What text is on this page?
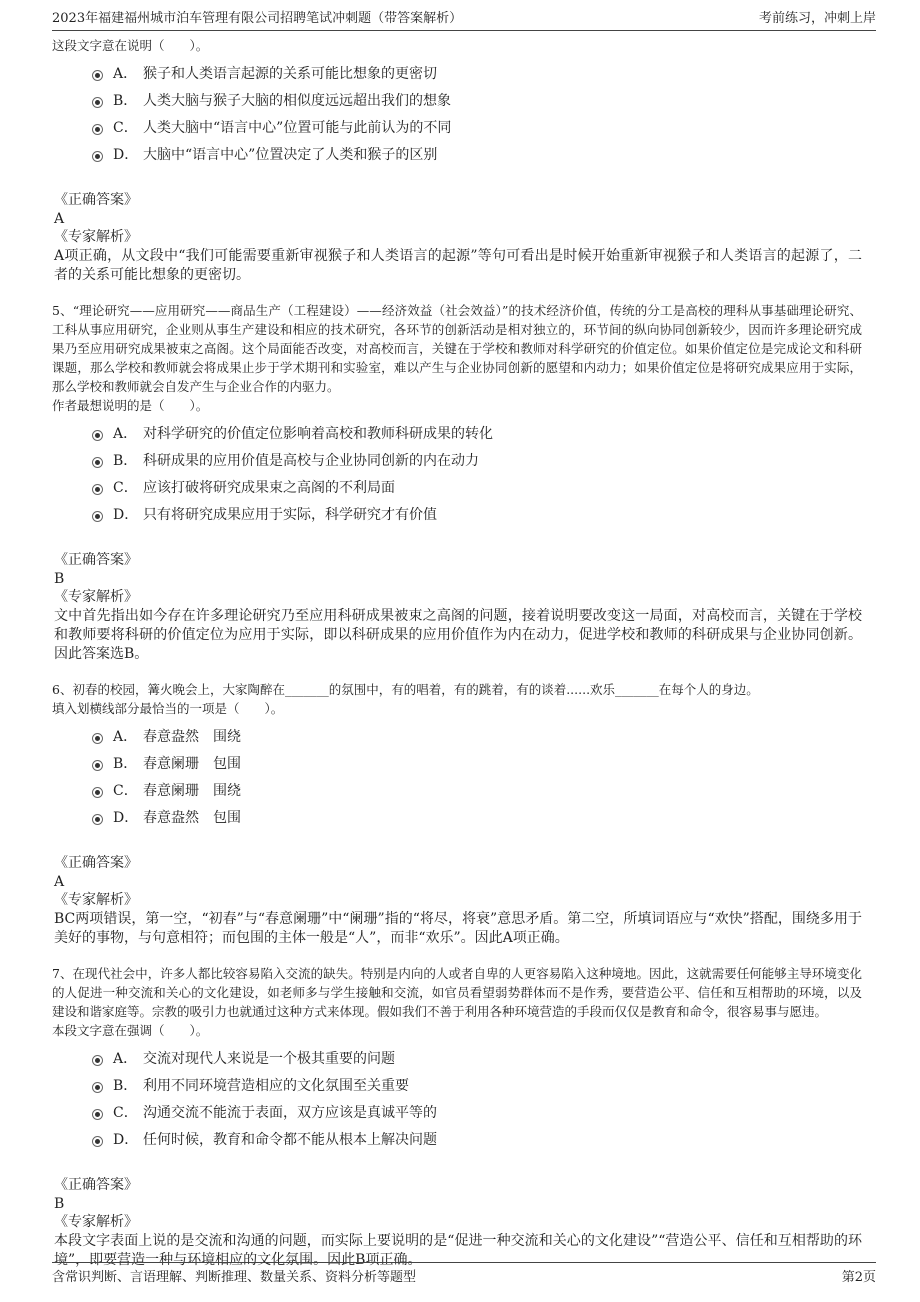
2023年福建福州城市泊车管理有限公司招聘笔试冲刺题（带答案解析）	考前练习，冲刺上岸

这段文字意在说明（　　）。

A． 猴子和人类语言起源的关系可能比想象的更密切
B． 人类大脑与猴子大脑的相似度远远超出我们的想象
C． 人类大脑中“语言中心”位置可能与此前认为的不同
D． 大脑中“语言中心”位置决定了人类和猴子的区别
《正确答案》
A
《专家解析》

A项正确，从文段中“我们可能需要重新审视猴子和人类语言的起源”等句可看出是时候开始重新审视猴子和人类语言的起源了，二者的关系可能比想象的更密切。

5、“理论研究——应用研究——商品生产（工程建设）——经济效益（社会效益）”的技术经济价值，传统的分工是高校的理科从事基础理论研究、工科从事应用研究，企业则从事生产建设和相应的技术研究，各环节的创新活动是相对独立的，环节间的纵向协同创新较少，因而许多理论研究成果乃至应用研究成果被束之高阁。这个局面能否改变，对高校而言，关键在于学校和教师对科学研究的价值定位。如果价值定位是完成论文和科研课题，那么学校和教师就会将成果止步于学术期刊和实验室，难以产生与企业协同创新的愿望和内动力；如果价值定位是将研究成果应用于实际，那么学校和教师就会自发产生与企业合作的内驱力。

作者最想说明的是（　　）。

A． 对科学研究的价值定位影响着高校和教师科研成果的转化
B． 科研成果的应用价值是高校与企业协同创新的内在动力
C． 应该打破将研究成果束之高阁的不利局面
D． 只有将研究成果应用于实际，科学研究才有价值
《正确答案》
B
《专家解析》

文中首先指出如今存在许多理论研究乃至应用科研成果被束之高阁的问题，接着说明要改变这一局面，对高校而言，关键在于学校和教师要将科研的价值定位为应用于实际，即以科研成果的应用价值作为内在动力，促进学校和教师的科研成果与企业协同创新。因此答案选B。

6、初春的校园，篝火晚会上，大家陶醉在_______的氛围中，有的唱着，有的跳着，有的谈着......欢乐_______在每个人的身边。

填入划横线部分最恰当的一项是（　　）。

A． 春意盎然　围绕
B． 春意阑珊　包围
C． 春意阑珊　围绕
D． 春意盎然　包围
《正确答案》
A
《专家解析》

BC两项错误，第一空，“初春”与“春意阑珊”中“阑珊”指的“将尽，将衰”意思矛盾。第二空，所填词语应与“欢快”搭配，围绕多用于美好的事物，与句意相符；而包围的主体一般是“人”，而非“欢乐”。因此A项正确。

7、在现代社会中，许多人都比较容易陷入交流的缺失。特别是内向的人或者自卑的人更容易陷入这种境地。因此，这就需要任何能够主导环境变化的人促进一种交流和关心的文化建设，如老师多与学生接触和交流，如官员看望弱势群体而不是作秀，要营造公平、信任和互相帮助的环境，以及建设和谐家庭等。宗教的吸引力也就通过这种方式来体现。假如我们不善于利用各种环境营造的手段而仅仅是教育和命令，很容易事与愿违。

本段文字意在强调（　　）。

A． 交流对现代人来说是一个极其重要的问题
B． 利用不同环境营造相应的文化氛围至关重要
C． 沟通交流不能流于表面，双方应该是真诚平等的
D． 任何时候，教育和命令都不能从根本上解决问题
《正确答案》
B
《专家解析》

本段文字表面上说的是交流和沟通的问题，而实际上要说明的是“促进一种交流和关心的文化建设”“营造公平、信任和互相帮助的环境”，即要营造一种与环境相应的文化氛围。因此B项正确。

含常识判断、言语理解、判断推理、数量关系、资料分析等题型	第2页
